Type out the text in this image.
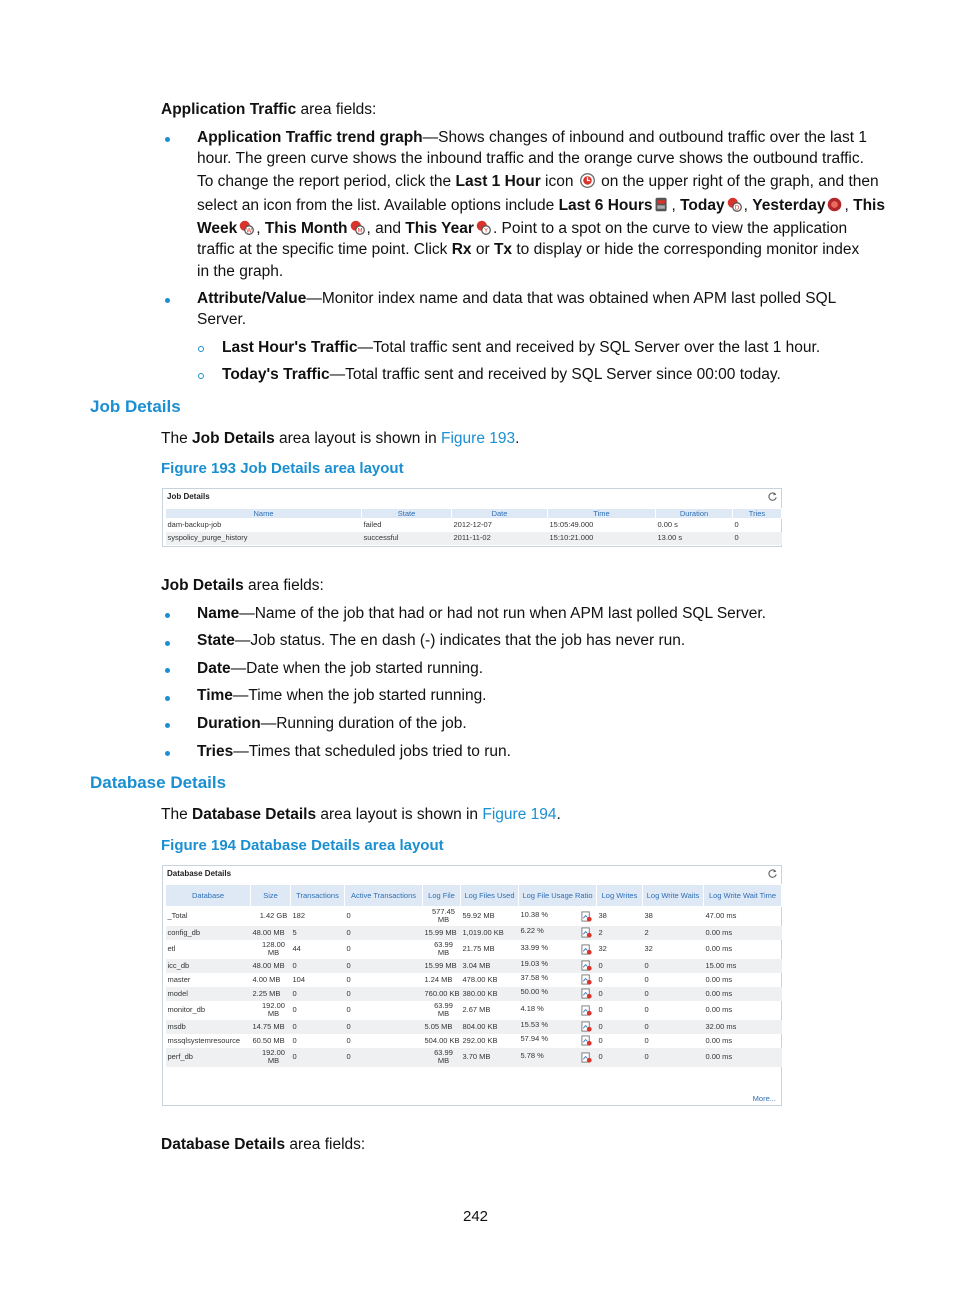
Application Traffic area fields:

Application Traffic trend graph—Shows changes of inbound and outbound traffic over the last 1

hour. The green curve shows the inbound traffic and the orange curve shows the outbound traffic.

To change the report period, click the Last 1 Hour icon  on the upper right of the graph, and then

select an icon from the list. Available options include Last 6 Hours , Today D , Yesterday , This

Week W , This Month M , and This Year Y . Point to a spot on the curve to view the application

traffic at the specific time point. Click Rx or Tx to display or hide the corresponding monitor index

in the graph.

Attribute/Value—Monitor index name and data that was obtained when APM last polled SQL

Server.

Last Hour's Traffic—Total traffic sent and received by SQL Server over the last 1 hour.

Today's Traffic—Total traffic sent and received by SQL Server since 00:00 today.

Job Details

The Job Details area layout is shown in Figure 193.

Figure 193 Job Details area layout
Job Details
Name	State	Date	Time	Duration	Tries
dam-backup-job	failed	2012-12-07	15:05:49.000	0.00 s	0
syspolicy_purge_history	successful	2011-11-02	15:10:21.000	13.00 s	0

Job Details area fields:

Name—Name of the job that had or had not run when APM last polled SQL Server.

State—Job status. The en dash (-) indicates that the job has never run.

Date—Date when the job started running.

Time—Time when the job started running.

Duration—Running duration of the job.

Tries—Times that scheduled jobs tried to run.

Database Details

The Database Details area layout is shown in Figure 194.

Figure 194 Database Details area layout
Database Details
Database	Size	Transactions	Active Transactions	Log File	Log Files Used	Log File Usage Ratio	Log Writes	Log Write Waits	Log Write Wait Time
_Total	1.42 GB	182	0	577.45 MB	59.92 MB	10.38 %	38	38	47.00 ms
config_db	48.00 MB	5	0	15.99 MB	1,019.00 KB	6.22 %	2	2	0.00 ms
etl	128.00 MB	44	0	63.99 MB	21.75 MB	33.99 %	32	32	0.00 ms
icc_db	48.00 MB	0	0	15.99 MB	3.04 MB	19.03 %	0	0	15.00 ms
master	4.00 MB	104	0	1.24 MB	478.00 KB	37.58 %	0	0	0.00 ms
model	2.25 MB	0	0	760.00 KB	380.00 KB	50.00 %	0	0	0.00 ms
monitor_db	192.00 MB	0	0	63.99 MB	2.67 MB	4.18 %	0	0	0.00 ms
msdb	14.75 MB	0	0	5.05 MB	804.00 KB	15.53 %	0	0	32.00 ms
mssqlsystemresource	60.50 MB	0	0	504.00 KB	292.00 KB	57.94 %	0	0	0.00 ms
perf_db	192.00 MB	0	0	63.99 MB	3.70 MB	5.78 %	0	0	0.00 ms
More...

Database Details area fields:

242
